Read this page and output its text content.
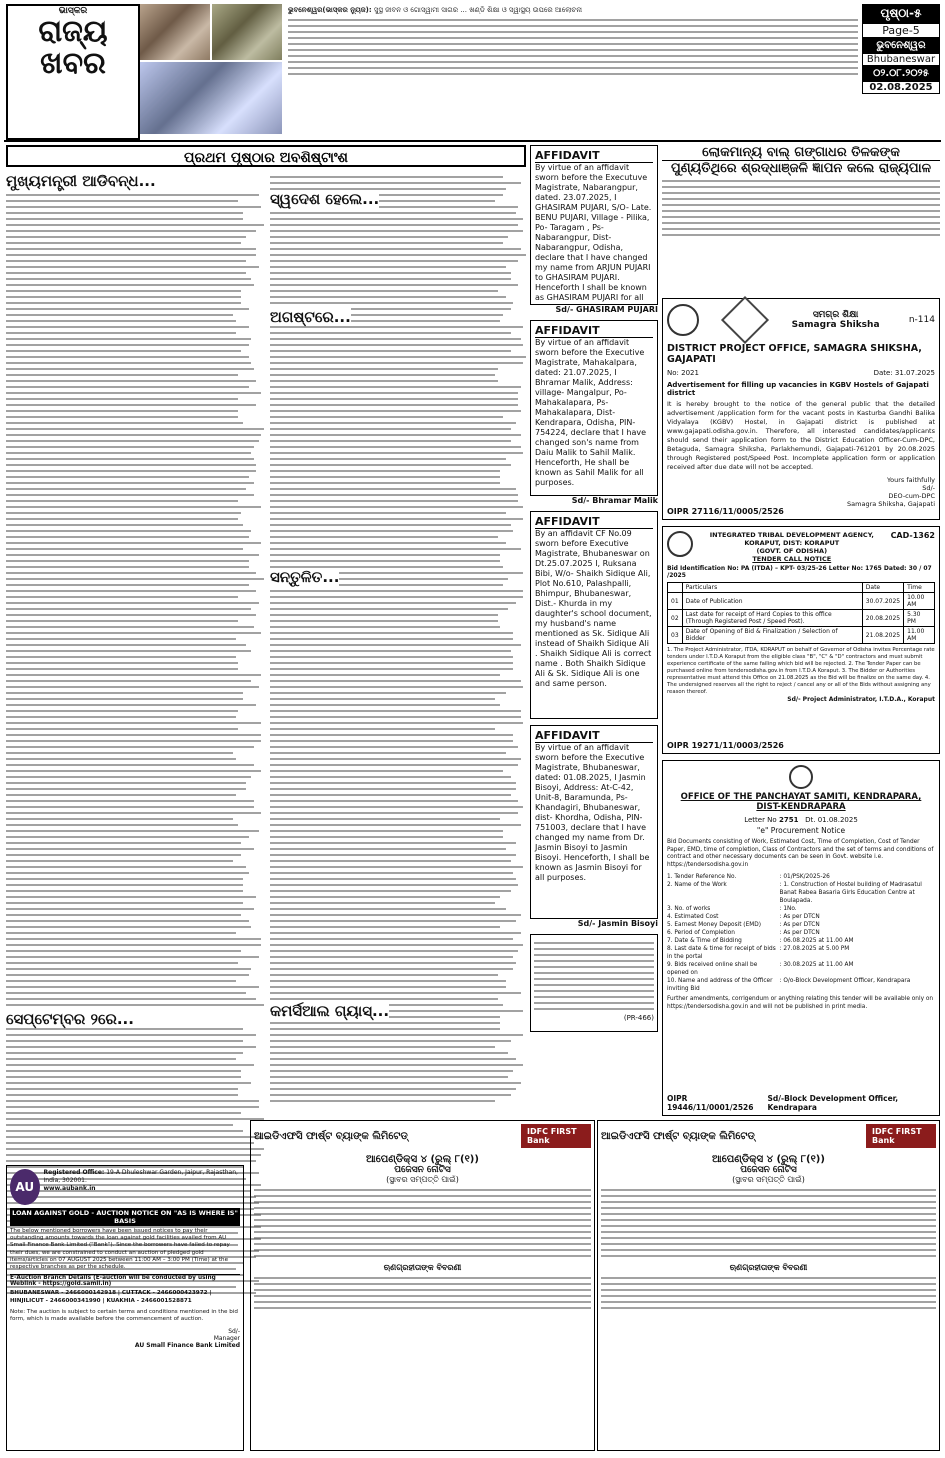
ଭାସ୍କର
ରାଜ୍ୟ
ଖବର
ଭୁବନେଶ୍ୱର(ଭାସ୍କର ନ୍ୟୁଜ): ସୁସ୍ଥ ଜୀବନ ଓ ଗୋସ୍ୱାମୀ ସାଗର ... ଖଣ୍ଡି ଶିକ୍ଷା ଓ ସ୍ୱାସ୍ଥ୍ୟ ଉପରେ ଆଲୋଚନା	ପୃଷ୍ଠା-୫
Page-5
ଭୁବନେଶ୍ୱର
Bhubaneswar
୦୨.୦୮.୨୦୨୫
02.08.2025
ପ୍ରଥମ ପୃଷ୍ଠାର ଅବଶିଷ୍ଟାଂଶ
ମୁଖ୍ୟମନ୍ତ୍ରୀ ଆଡିବନ୍ଧ...
ସେପ୍ଟେମ୍ବର ୨ରେ...
ସ୍ୱଦେଶ ହେଲେ...
ଅଗଷ୍ଟରେ...
ସନ୍ତୁଳିତ...
କମର୍ସିଆଲ ଗ୍ୟାସ୍...
AFFIDAVIT
By virtue of an affidavit sworn before the Executuve Magistrate, Nabarangpur, dated. 23.07.2025, I GHASIRAM PUJARI, S/O- Late. BENU PUJARI, Village - Pilika, Po- Taragam , Ps- Nabarangpur, Dist- Nabarangpur, Odisha, declare that I have changed my name from ARJUN PUJARI to GHASIRAM PUJARI. Henceforth I shall be known as GHASIRAM PUJARI for all
Sd/- GHASIRAM PUJARI
AFFIDAVIT
By virtue of an affidavit sworn before the Executive Magistrate, Mahakalpara, dated: 21.07.2025, I Bhramar Malik, Address: village- Mangalpur, Po- Mahakalapara, Ps- Mahakalapara, Dist- Kendrapara, Odisha, PIN- 754224, declare that I have changed son's name from Daiu Malik to Sahil Malik. Henceforth, He shall be known as Sahil Malik for all purposes.
Sd/- Bhramar Malik
AFFIDAVIT
By an affidavit CF No.09 sworn before Executive Magistrate, Bhubaneswar on Dt.25.07.2025 I, Ruksana Bibi, W/o- Shaikh Sidique Ali, Plot No.610, Palashpalli, Bhimpur, Bhubaneswar, Dist.- Khurda in my daughter's school document, my husband's name mentioned as Sk. Sidique Ali instead of Shaikh Sidique Ali . Shaikh Sidique Ali is correct name . Both Shaikh Sidique Ali & Sk. Sidique Ali is one and same person.
AFFIDAVIT
By virtue of an affidavit sworn before the Executive Magistrate, Bhubaneswar, dated: 01.08.2025, I Jasmin Bisoyi, Address: At-C-42, Unit-8, Baramunda, Ps- Khandagiri, Bhubaneswar, dist- Khordha, Odisha, PIN- 751003, declare that I have changed my name from Dr. Jasmin Bisoyi to Jasmin Bisoyi. Henceforth, I shall be known as Jasmin Bisoyi for all purposes.
Sd/- Jasmin Bisoyi
(PR-466)
ଲୋକମାନ୍ୟ ବାଲ୍ ଗଙ୍ଗାଧର ତିଳକଙ୍କ
ପୁଣ୍ୟତିଥିରେ ଶ୍ରଦ୍ଧାଞ୍ଜଳି ଜ୍ଞାପନ କଲେ ରାଜ୍ୟପାଳ
ସମଗ୍ର ଶିକ୍ଷା
Samagra Shiksha	n-114
DISTRICT PROJECT OFFICE, SAMAGRA SHIKSHA, GAJAPATI
No: 2021	Date: 31.07.2025
Advertisement for filling up vacancies in KGBV Hostels of Gajapati district
It is hereby brought to the notice of the general public that the detailed advertisement /application form for the vacant posts in Kasturba Gandhi Balika Vidyalaya (KGBV) Hostel, in Gajapati district is published at www.gajapati.odisha.gov.in. Therefore, all interested candidates/applicants should send their application form to the District Education Officer-Cum-DPC, Betaguda, Samagra Shiksha, Parlakhemundi, Gajapati-761201 by 20.08.2025 through Registered post/Speed Post. Incomplete application form or application received after due date will not be accepted.
Yours faithfully
Sd/-
DEO-cum-DPC
Samagra Shiksha, Gajapati
OIPR 27116/11/0005/2526
INTEGRATED TRIBAL DEVELOPMENT AGENCY, KORAPUT, DIST: KORAPUT
(GOVT. OF ODISHA)
TENDER CALL NOTICE
CAD-1362
Bid Identification No: PA (ITDA) – KPT- 03/25-26 Letter No: 1765 Dated: 30 / 07 /2025
	Particulars	Date	Time
01	Date of Publication	30.07.2025	10.00 AM
02	Last date for receipt of Hard Copies to this office (Through Registered Post / Speed Post).	20.08.2025	5.30 PM
03	Date of Opening of Bid & Finalization / Selection of Bidder	21.08.2025	11.00 AM
1. The Project Administrator, ITDA, KORAPUT on behalf of Governor of Odisha invites Percentage rate tenders under I.T.D.A Koraput from the eligible class "B", "C" & "D" contractors and must submit experience certificate of the same failing which bid will be rejected. 2. The Tender Paper can be purchased online from tendersodisha.gov.in from I.T.D.A Koraput. 3. The Bidder or Authorities representative must attend this Office on 21.08.2025 as the Bid will be finalize on the same day. 4. The undersigned reserves all the right to reject / cancel any or all of the Bids without assigning any reason thereof.
Sd/- Project Administrator, I.T.D.A., Koraput
OIPR 19271/11/0003/2526
OFFICE OF THE PANCHAYAT SAMITI, KENDRAPARA,
DIST-KENDRAPARA
Letter No 2751 Dt. 01.08.2025
"e" Procurement Notice
Bid Documents consisting of Work, Estimated Cost, Time of Completion, Cost of Tender Paper, EMD, time of completion, Class of Contractors and the set of terms and conditions of contract and other necessary documents can be seen in Govt. website i.e. https://tendersodisha.gov.in
1. Tender Reference No.	: 01/PSK/2025-26
2. Name of the Work	: 1. Construction of Hostel building of Madrasatul Banat Rabea Basaria Girls Education Centre at Boulapada.
3. No. of works	: 1No.
4. Estimated Cost	: As per DTCN
5. Earnest Money Deposit (EMD)	: As per DTCN
6. Period of Completion	: As per DTCN
7. Date & Time of Bidding	: 06.08.2025 at 11.00 AM
8. Last date & time for receipt of bids in the portal
: 27.08.2025 at 5.00 PM
9. Bids received online shall be opened on
: 30.08.2025 at 11.00 AM
10. Name and address of the Officer inviting Bid
: O/o-Block Development Officer, Kendrapara
Further amendments, corrigendum or anything relating this tender will be available only on https://tendersodisha.gov.in and will not be published in print media.
OIPR 19446/11/0001/2526
Sd/-Block Development Officer, Kendrapara
AU
Registered Office: 19-A Dhuleshwar Garden, Jaipur, Rajasthan, India, 302001.
www.aubank.in
LOAN AGAINST GOLD - AUCTION NOTICE ON "AS IS WHERE IS" BASIS
The below mentioned borrowers have been issued notices to pay their outstanding amounts towards the loan against gold facilities availed from AU Small Finance Bank Limited ("Bank"). Since the borrowers have failed to repay their dues, we are constrained to conduct an auction of pledged gold items/articles on 07 AUGUST 2025 between 11:00 AM – 3:00 PM (Time) at the respective branches as per the schedule.
E-Auction Branch Details (E-auction will be conducted by using Weblink - https://gold.samil.in)
BHUBANESWAR - 2466000142918 | CUTTACK - 2466000423972 | HINJILICUT - 2466000341990 | KUAKHIA - 2466001528871
Note: The auction is subject to certain terms and conditions mentioned in the bid form, which is made available before the commencement of auction.
Sd/-
Manager
AU Small Finance Bank Limited
ଆଇଡିଏଫସି ଫାର୍ଷ୍ଟ ବ୍ୟାଙ୍କ ଲିମିଟେଡ୍	IDFC FIRST Bank
ଆପେଣ୍ଡିକ୍ସ ୪ (ରୁଲ୍ ୮(୧))
ପଜେସନ ନୋଟିସ
(ସ୍ଥାବର ସମ୍ପତ୍ତି ପାଇଁ)
ଋଣଗ୍ରହୀତାଙ୍କ ବିବରଣୀ
ଆଇଡିଏଫସି ଫାର୍ଷ୍ଟ ବ୍ୟାଙ୍କ ଲିମିଟେଡ୍	IDFC FIRST Bank
ଆପେଣ୍ଡିକ୍ସ ୪ (ରୁଲ୍ ୮(୧))
ପଜେସନ ନୋଟିସ
(ସ୍ଥାବର ସମ୍ପତ୍ତି ପାଇଁ)
ଋଣଗ୍ରହୀତାଙ୍କ ବିବରଣୀ
